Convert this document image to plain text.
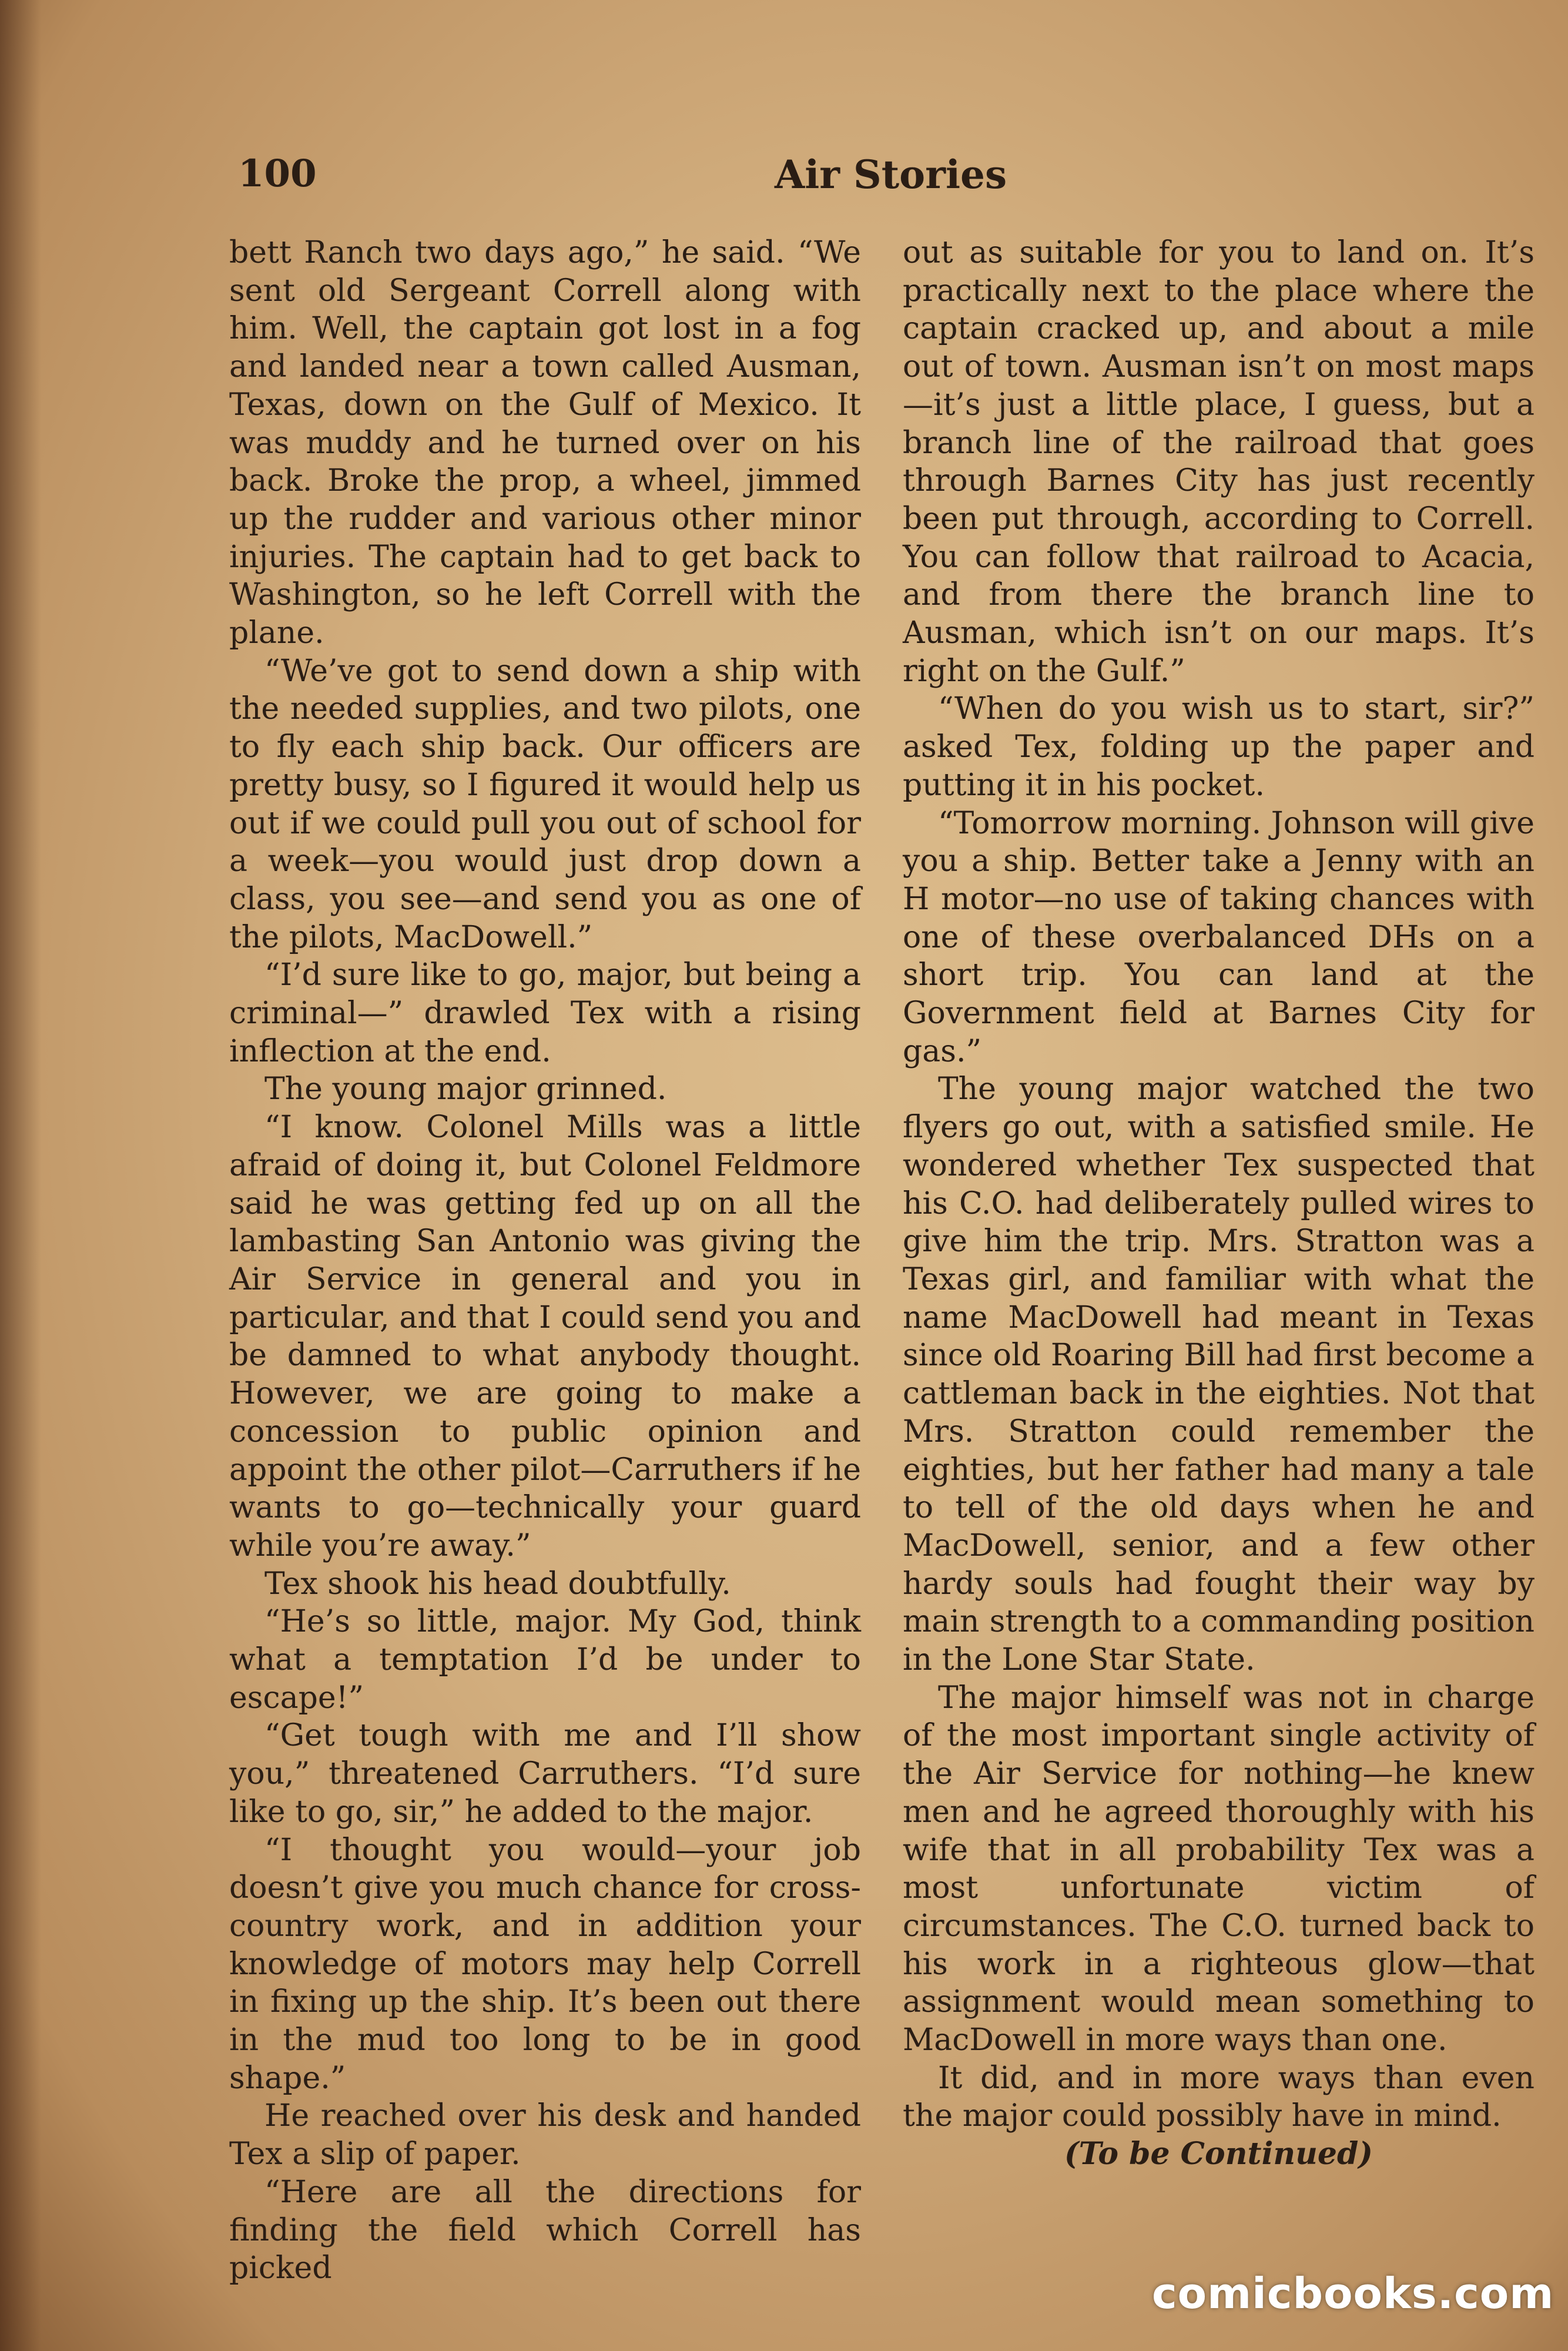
100	Air Stories

bett Ranch two days ago,” he said. “We sent old Sergeant Correll along with him. Well, the captain got lost in a fog and landed near a town called Ausman, Texas, down on the Gulf of Mexico. It was muddy and he turned over on his back. Broke the prop, a wheel, jimmed up the rudder and various other minor injuries. The captain had to get back to Washington, so he left Correll with the plane.

“We’ve got to send down a ship with the needed supplies, and two pilots, one to fly each ship back. Our officers are pretty busy, so I figured it would help us out if we could pull you out of school for a week—you would just drop down a class, you see—and send you as one of the pilots, MacDowell.”

“I’d sure like to go, major, but being a criminal—” drawled Tex with a rising inflection at the end.

The young major grinned.

“I know. Colonel Mills was a little afraid of doing it, but Colonel Feldmore said he was getting fed up on all the lambasting San Antonio was giving the Air Service in general and you in particular, and that I could send you and be damned to what anybody thought. However, we are going to make a concession to public opinion and appoint the other pilot—Carruthers if he wants to go—technically your guard while you’re away.”

Tex shook his head doubtfully.

“He’s so little, major. My God, think what a temptation I’d be under to escape!”

“Get tough with me and I’ll show you,” threatened Carruthers. “I’d sure like to go, sir,” he added to the major.

“I thought you would—your job doesn’t give you much chance for cross-country work, and in addition your knowledge of motors may help Correll in fixing up the ship. It’s been out there in the mud too long to be in good shape.”

He reached over his desk and handed Tex a slip of paper.

“Here are all the directions for finding the field which Correll has picked

out as suitable for you to land on. It’s practically next to the place where the captain cracked up, and about a mile out of town. Ausman isn’t on most maps—it’s just a little place, I guess, but a branch line of the railroad that goes through Barnes City has just recently been put through, according to Correll. You can follow that railroad to Acacia, and from there the branch line to Ausman, which isn’t on our maps. It’s right on the Gulf.”

“When do you wish us to start, sir?” asked Tex, folding up the paper and putting it in his pocket.

“Tomorrow morning. Johnson will give you a ship. Better take a Jenny with an H motor—no use of taking chances with one of these overbalanced DHs on a short trip. You can land at the Government field at Barnes City for gas.”

The young major watched the two flyers go out, with a satisfied smile. He wondered whether Tex suspected that his C.O. had deliberately pulled wires to give him the trip. Mrs. Stratton was a Texas girl, and familiar with what the name MacDowell had meant in Texas since old Roaring Bill had first become a cattleman back in the eighties. Not that Mrs. Stratton could remember the eighties, but her father had many a tale to tell of the old days when he and MacDowell, senior, and a few other hardy souls had fought their way by main strength to a commanding position in the Lone Star State.

The major himself was not in charge of the most important single activity of the Air Service for nothing—he knew men and he agreed thoroughly with his wife that in all probability Tex was a most unfortunate victim of circumstances. The C.O. turned back to his work in a righteous glow—that assignment would mean something to MacDowell in more ways than one.

It did, and in more ways than even the major could possibly have in mind.

(To be Continued)

comicbooks.com
